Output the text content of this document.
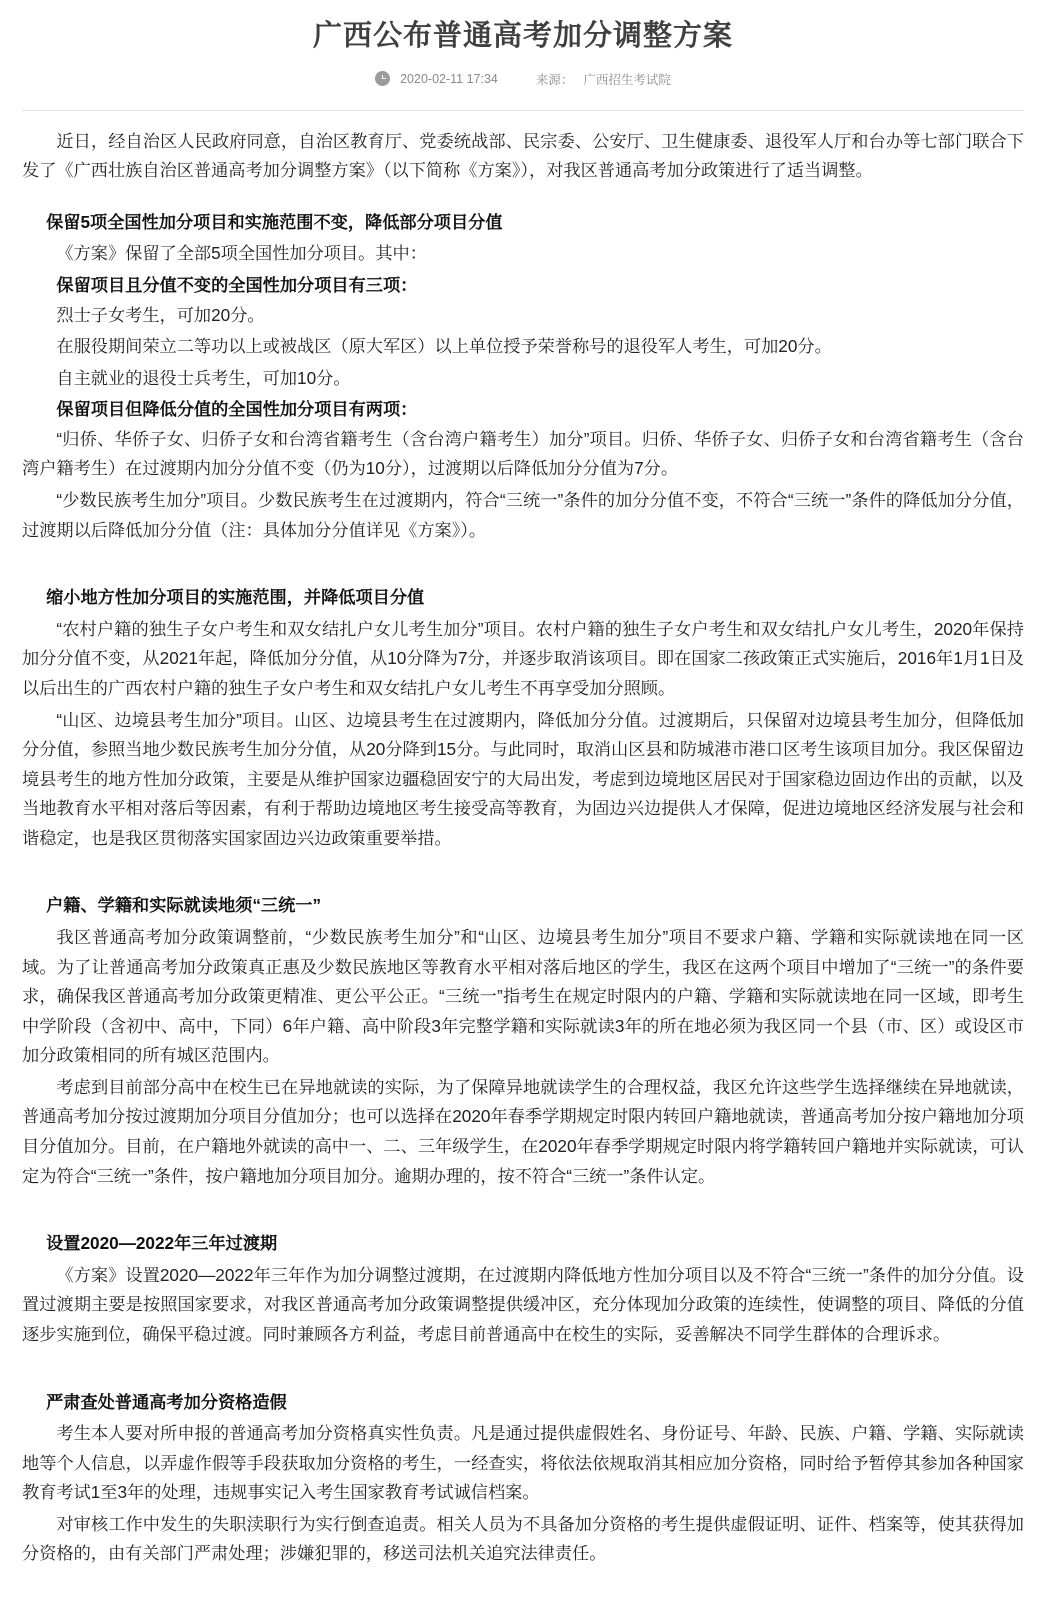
广西公布普通高考加分调整方案
2020-02-11 17:34	来源： 广西招生考试院

近日，经自治区人民政府同意，自治区教育厅、党委统战部、民宗委、公安厅、卫生健康委、退役军人厅和台办等七部门联合下发了《广西壮族自治区普通高考加分调整方案》（以下简称《方案》），对我区普通高考加分政策进行了适当调整。

保留5项全国性加分项目和实施范围不变，降低部分项目分值

《方案》保留了全部5项全国性加分项目。其中：

保留项目且分值不变的全国性加分项目有三项：

烈士子女考生，可加20分。

在服役期间荣立二等功以上或被战区（原大军区）以上单位授予荣誉称号的退役军人考生，可加20分。

自主就业的退役士兵考生，可加10分。

保留项目但降低分值的全国性加分项目有两项：

“归侨、华侨子女、归侨子女和台湾省籍考生（含台湾户籍考生）加分”项目。归侨、华侨子女、归侨子女和台湾省籍考生（含台湾户籍考生）在过渡期内加分分值不变（仍为10分），过渡期以后降低加分分值为7分。

“少数民族考生加分”项目。少数民族考生在过渡期内，符合“三统一”条件的加分分值不变，不符合“三统一”条件的降低加分分值，过渡期以后降低加分分值（注：具体加分分值详见《方案》）。

缩小地方性加分项目的实施范围，并降低项目分值

“农村户籍的独生子女户考生和双女结扎户女儿考生加分”项目。农村户籍的独生子女户考生和双女结扎户女儿考生，2020年保持加分分值不变，从2021年起，降低加分分值，从10分降为7分，并逐步取消该项目。即在国家二孩政策正式实施后，2016年1月1日及以后出生的广西农村户籍的独生子女户考生和双女结扎户女儿考生不再享受加分照顾。

“山区、边境县考生加分”项目。山区、边境县考生在过渡期内，降低加分分值。过渡期后，只保留对边境县考生加分，但降低加分分值，参照当地少数民族考生加分分值，从20分降到15分。与此同时，取消山区县和防城港市港口区考生该项目加分。我区保留边境县考生的地方性加分政策，主要是从维护国家边疆稳固安宁的大局出发，考虑到边境地区居民对于国家稳边固边作出的贡献，以及当地教育水平相对落后等因素，有利于帮助边境地区考生接受高等教育，为固边兴边提供人才保障，促进边境地区经济发展与社会和谐稳定，也是我区贯彻落实国家固边兴边政策重要举措。

户籍、学籍和实际就读地须“三统一”

我区普通高考加分政策调整前，“少数民族考生加分”和“山区、边境县考生加分”项目不要求户籍、学籍和实际就读地在同一区域。为了让普通高考加分政策真正惠及少数民族地区等教育水平相对落后地区的学生，我区在这两个项目中增加了“三统一”的条件要求，确保我区普通高考加分政策更精准、更公平公正。“三统一”指考生在规定时限内的户籍、学籍和实际就读地在同一区域，即考生中学阶段（含初中、高中，下同）6年户籍、高中阶段3年完整学籍和实际就读3年的所在地必须为我区同一个县（市、区）或设区市加分政策相同的所有城区范围内。

考虑到目前部分高中在校生已在异地就读的实际，为了保障异地就读学生的合理权益，我区允许这些学生选择继续在异地就读，普通高考加分按过渡期加分项目分值加分；也可以选择在2020年春季学期规定时限内转回户籍地就读，普通高考加分按户籍地加分项目分值加分。目前，在户籍地外就读的高中一、二、三年级学生，在2020年春季学期规定时限内将学籍转回户籍地并实际就读，可认定为符合“三统一”条件，按户籍地加分项目加分。逾期办理的，按不符合“三统一”条件认定。

设置2020—2022年三年过渡期

《方案》设置2020—2022年三年作为加分调整过渡期，在过渡期内降低地方性加分项目以及不符合“三统一”条件的加分分值。设置过渡期主要是按照国家要求，对我区普通高考加分政策调整提供缓冲区，充分体现加分政策的连续性，使调整的项目、降低的分值逐步实施到位，确保平稳过渡。同时兼顾各方利益，考虑目前普通高中在校生的实际，妥善解决不同学生群体的合理诉求。

严肃查处普通高考加分资格造假

考生本人要对所申报的普通高考加分资格真实性负责。凡是通过提供虚假姓名、身份证号、年龄、民族、户籍、学籍、实际就读地等个人信息，以弄虚作假等手段获取加分资格的考生，一经查实，将依法依规取消其相应加分资格，同时给予暂停其参加各种国家教育考试1至3年的处理，违规事实记入考生国家教育考试诚信档案。

对审核工作中发生的失职渎职行为实行倒查追责。相关人员为不具备加分资格的考生提供虚假证明、证件、档案等，使其获得加分资格的，由有关部门严肃处理；涉嫌犯罪的，移送司法机关追究法律责任。
